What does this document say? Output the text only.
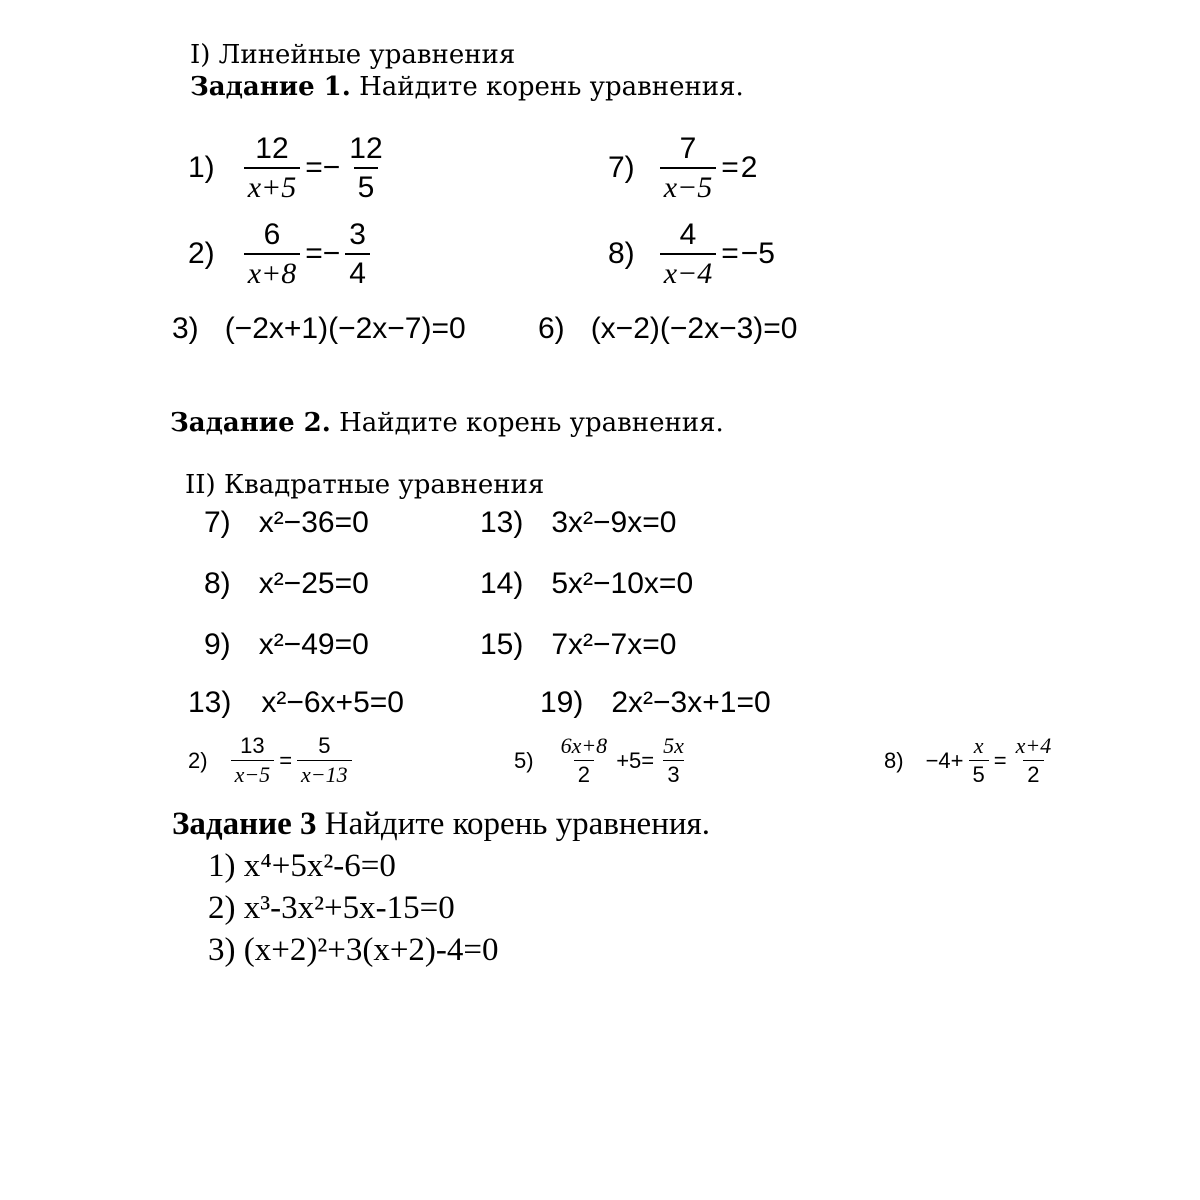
I) Линейные уравнения
Задание 1. Найдите корень уравнения.
$1) \frac{12}{x+5} =- \frac{12}{5}$	$7) \frac{7}{x-5} = 2$
$2) \frac{6}{x+8} =- \frac{3}{4}$	$8) \frac{4}{x-4} = -5$
3) (−2x+1)(−2x−7)=0 6) (x−2)(−2x−3)=0
Задание 2. Найдите корень уравнения.
II) Квадратные уравнения
7) x²−36=0	13) 3x²−9x=0
8) x²−25=0	14) 5x²−10x=0
9) x²−49=0	15) 7x²−7x=0
13) x²−6x+5=0	19) 2x²−3x+1=0
$2) \frac{13}{x-5} = \frac{5}{x-13}$	$5) \frac{6x+8}{2} +5= \frac{5x}{3}$	$8) -4+ \frac{x}{5} = \frac{x+4}{2}$
Задание 3 Найдите корень уравнения.
1) x⁴+5x²-6=0
2) x³-3x²+5x-15=0
3) (x+2)²+3(x+2)-4=0
